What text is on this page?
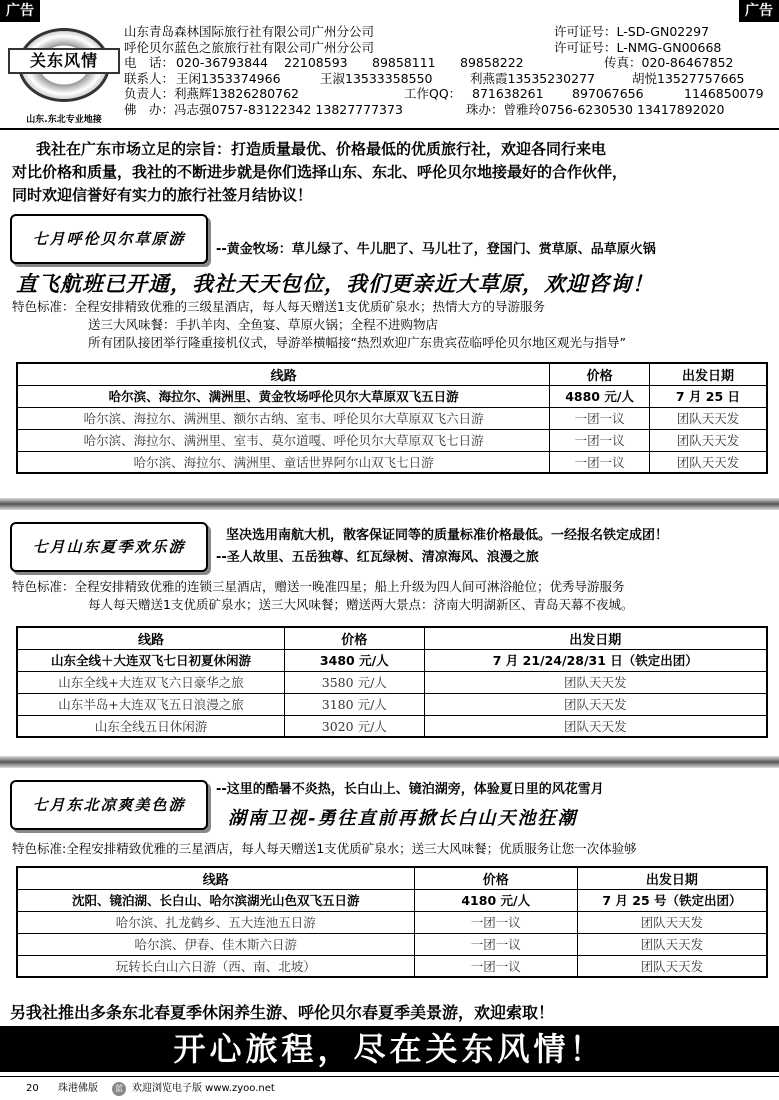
广告	广告
关东风情
山东.东北专业地接
山东青岛森林国际旅行社有限公司广州分公司	许可证号：L-SD-GN02297
呼伦贝尔蓝色之旅旅行社有限公司广州分公司	许可证号：L-NMG-GN00668
电　话： 020-36793844 22108593 89858111 89858222	传真：020-86467852
联系人： 王闲1353374966	王淑13533358550	利燕霞13535230277	胡悦13527757665
负责人：利燕辉13826280762	工作QQ： 871638261 897067656	1146850079
佛　办：冯志强0757-83122342 13827777373	珠办：曾雅玲0756-6230530 13417892020
我社在广东市场立足的宗旨：打造质量最优、价格最低的优质旅行社，欢迎各同行来电
对比价格和质量，我社的不断进步就是你们选择山东、东北、呼伦贝尔地接最好的合作伙伴，
同时欢迎信誉好有实力的旅行社签月结协议！
七月呼伦贝尔草原游
--黄金牧场：草儿绿了、牛儿肥了、马儿壮了，登国门、赏草原、品草原火锅
直飞航班已开通，我社天天包位，我们更亲近大草原，欢迎咨询！
特色标准：全程安排精致优雅的三级星酒店，每人每天赠送1支优质矿泉水；热情大方的导游服务
送三大风味餐：手扒羊肉、全鱼宴、草原火锅；全程不进购物店
所有团队接团举行隆重接机仪式，导游举横幅接“热烈欢迎广东贵宾莅临呼伦贝尔地区观光与指导”
线路	价格	出发日期
哈尔滨、海拉尔、满洲里、黄金牧场呼伦贝尔大草原双飞五日游	4880 元/人	7 月 25 日
哈尔滨、海拉尔、满洲里、额尔古纳、室韦、呼伦贝尔大草原双飞六日游	一团一议	团队天天发
哈尔滨、海拉尔、满洲里、室韦、莫尔道嘎、呼伦贝尔大草原双飞七日游	一团一议	团队天天发
哈尔滨、海拉尔、满洲里、童话世界阿尔山双飞七日游	一团一议	团队天天发
七月山东夏季欢乐游
坚决选用南航大机，散客保证同等的质量标准价格最低。一经报名铁定成团！
--圣人故里、五岳独尊、红瓦绿树、清凉海风、浪漫之旅
特色标准：全程安排精致优雅的连锁三星酒店，赠送一晚准四星；船上升级为四人间可淋浴舱位；优秀导游服务
每人每天赠送1支优质矿泉水；送三大风味餐；赠送两大景点：济南大明湖新区、青岛天幕不夜城。
线路	价格	出发日期
山东全线＋大连双飞七日初夏休闲游	3480 元/人	7 月 21/24/28/31 日（铁定出团）
山东全线+大连双飞六日豪华之旅	3580 元/人	团队天天发
山东半岛+大连双飞五日浪漫之旅	3180 元/人	团队天天发
山东全线五日休闲游	3020 元/人	团队天天发
七月东北凉爽美色游
--这里的酷暑不炎热，长白山上、镜泊湖旁，体验夏日里的风花雪月
湖南卫视-勇往直前再掀长白山天池狂潮
特色标准:全程安排精致优雅的三星酒店，每人每天赠送1支优质矿泉水；送三大风味餐；优质服务让您一次体验够
线路	价格	出发日期
沈阳、镜泊湖、长白山、哈尔滨湖光山色双飞五日游	4180 元/人	7 月 25 号（铁定出团）
哈尔滨、扎龙鹤乡、五大连池五日游	一团一议	团队天天发
哈尔滨、伊春、佳木斯六日游	一团一议	团队天天发
玩转长白山六日游（西、南、北坡）	一团一议	团队天天发
另我社推出多条东北春夏季休闲养生游、呼伦贝尔春夏季美景游，欢迎索取！
开心旅程，尽在关东风情！
20 珠港佛版	蓝 欢迎浏览电子版 www.zyoo.net
